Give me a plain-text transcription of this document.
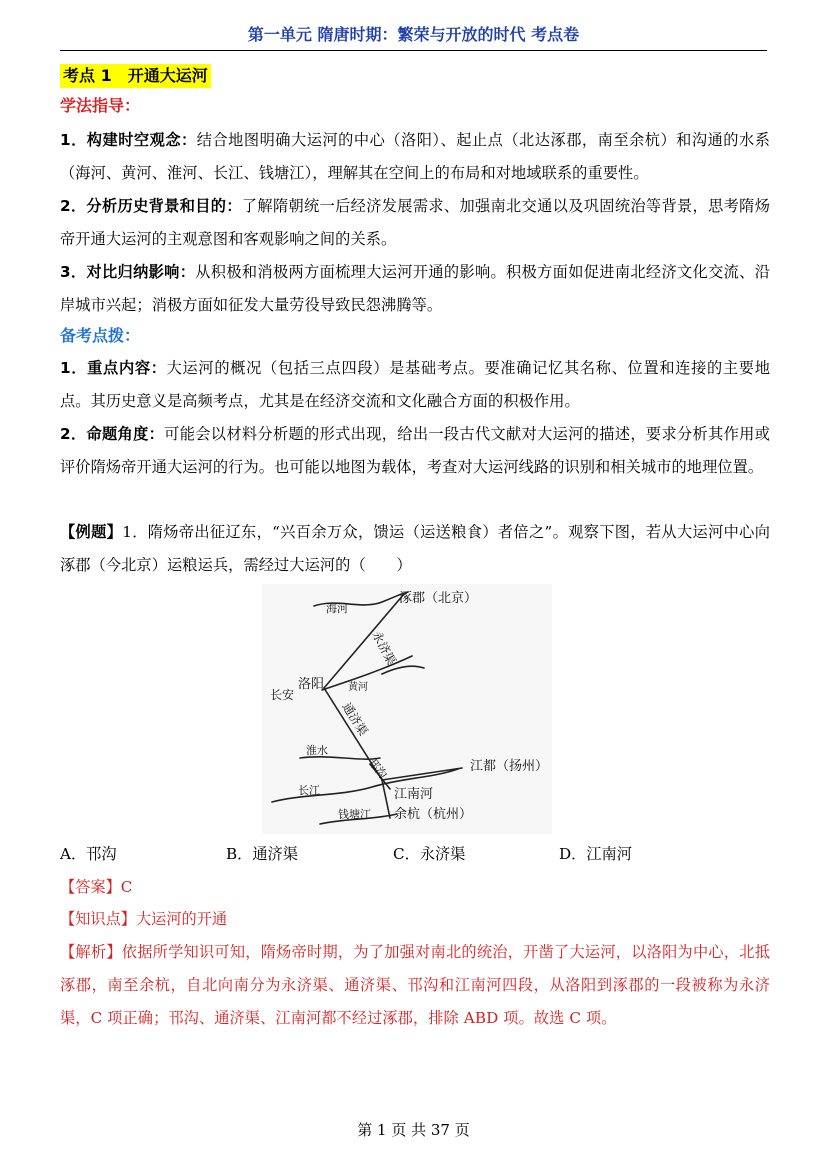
第一单元 隋唐时期：繁荣与开放的时代 考点卷
考点 1　开通大运河
学法指导：
1．构建时空观念：结合地图明确大运河的中心（洛阳）、起止点（北达涿郡，南至余杭）和沟通的水系（海河、黄河、淮河、长江、钱塘江），理解其在空间上的布局和对地域联系的重要性。
2．分析历史背景和目的：了解隋朝统一后经济发展需求、加强南北交通以及巩固统治等背景，思考隋炀帝开通大运河的主观意图和客观影响之间的关系。
3．对比归纳影响：从积极和消极两方面梳理大运河开通的影响。积极方面如促进南北经济文化交流、沿岸城市兴起；消极方面如征发大量劳役导致民怨沸腾等。
备考点拨：
1．重点内容：大运河的概况（包括三点四段）是基础考点。要准确记忆其名称、位置和连接的主要地点。其历史意义是高频考点，尤其是在经济交流和文化融合方面的积极作用。
2．命题角度：可能会以材料分析题的形式出现，给出一段古代文献对大运河的描述，要求分析其作用或评价隋炀帝开通大运河的行为。也可能以地图为载体，考查对大运河线路的识别和相关城市的地理位置。
【例题】1．隋炀帝出征辽东，“兴百余万众，馈运（运送粮食）者倍之”。观察下图，若从大运河中心向涿郡（今北京）运粮运兵，需经过大运河的（　　）
涿郡（北京）
海河
永济渠
洛阳
长安
黄河
通济渠
淮水
邗沟	江都（扬州）
长江	江南河
钱塘江 余杭（杭州）
A．邗沟	B．通济渠	C．永济渠	D．江南河
【答案】C
【知识点】大运河的开通
【解析】依据所学知识可知，隋炀帝时期，为了加强对南北的统治，开凿了大运河，以洛阳为中心，北抵涿郡，南至余杭，自北向南分为永济渠、通济渠、邗沟和江南河四段，从洛阳到涿郡的一段被称为永济渠，C 项正确；邗沟、通济渠、江南河都不经过涿郡，排除 ABD 项。故选 C 项。
第 1 页 共 37 页
